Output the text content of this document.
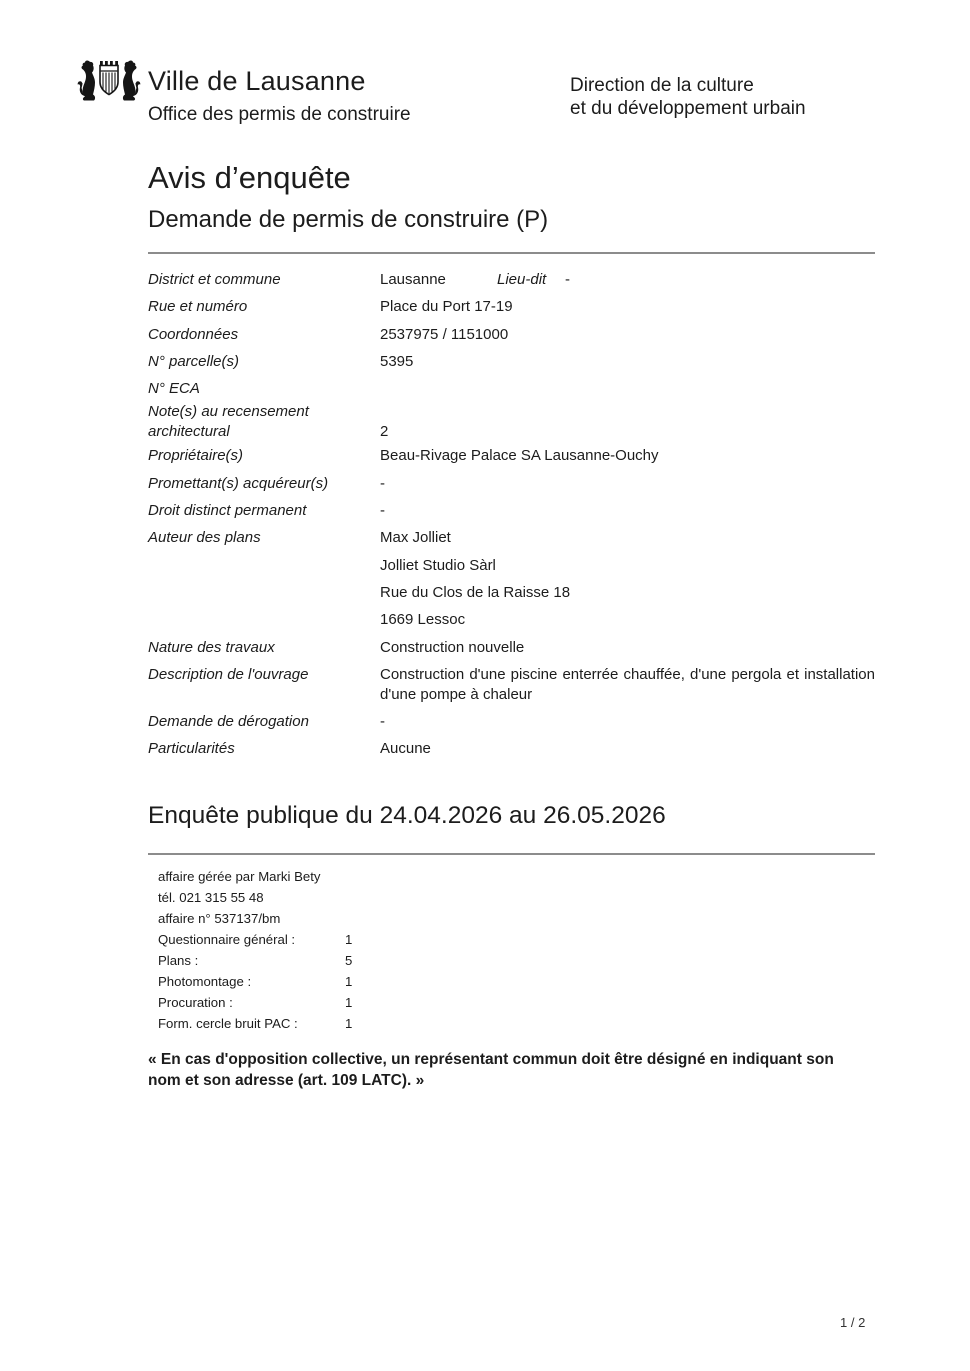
Ville de Lausanne
Office des permis de construire
Direction de la culture
et du développement urbain
Avis d’enquête
Demande de permis de construire (P)
District et commune	Lausanne	Lieu-dit -
Rue et numéro	Place du Port 17-19
Coordonnées	2537975 / 1151000
N° parcelle(s)	5395
N° ECA
Note(s) au recensement architectural	2
Propriétaire(s)	Beau-Rivage Palace SA Lausanne-Ouchy
Promettant(s) acquéreur(s)	-
Droit distinct permanent	-
Auteur des plans	Max Jolliet
Jolliet Studio Sàrl
Rue du Clos de la Raisse 18
1669 Lessoc
Nature des travaux	Construction nouvelle
Description de l'ouvrage	Construction d'une piscine enterrée chauffée, d'une pergola et installation d'une pompe à chaleur
Demande de dérogation	-
Particularités	Aucune
Enquête publique du 24.04.2026 au 26.05.2026
affaire gérée par Marki Bety
tél. 021 315 55 48
affaire n° 537137/bm
Questionnaire général :	1
Plans :	5
Photomontage :	1
Procuration :	1
Form. cercle bruit PAC :	1

« En cas d'opposition collective, un représentant commun doit être désigné en indiquant son nom et son adresse (art. 109 LATC). »

1 / 2
